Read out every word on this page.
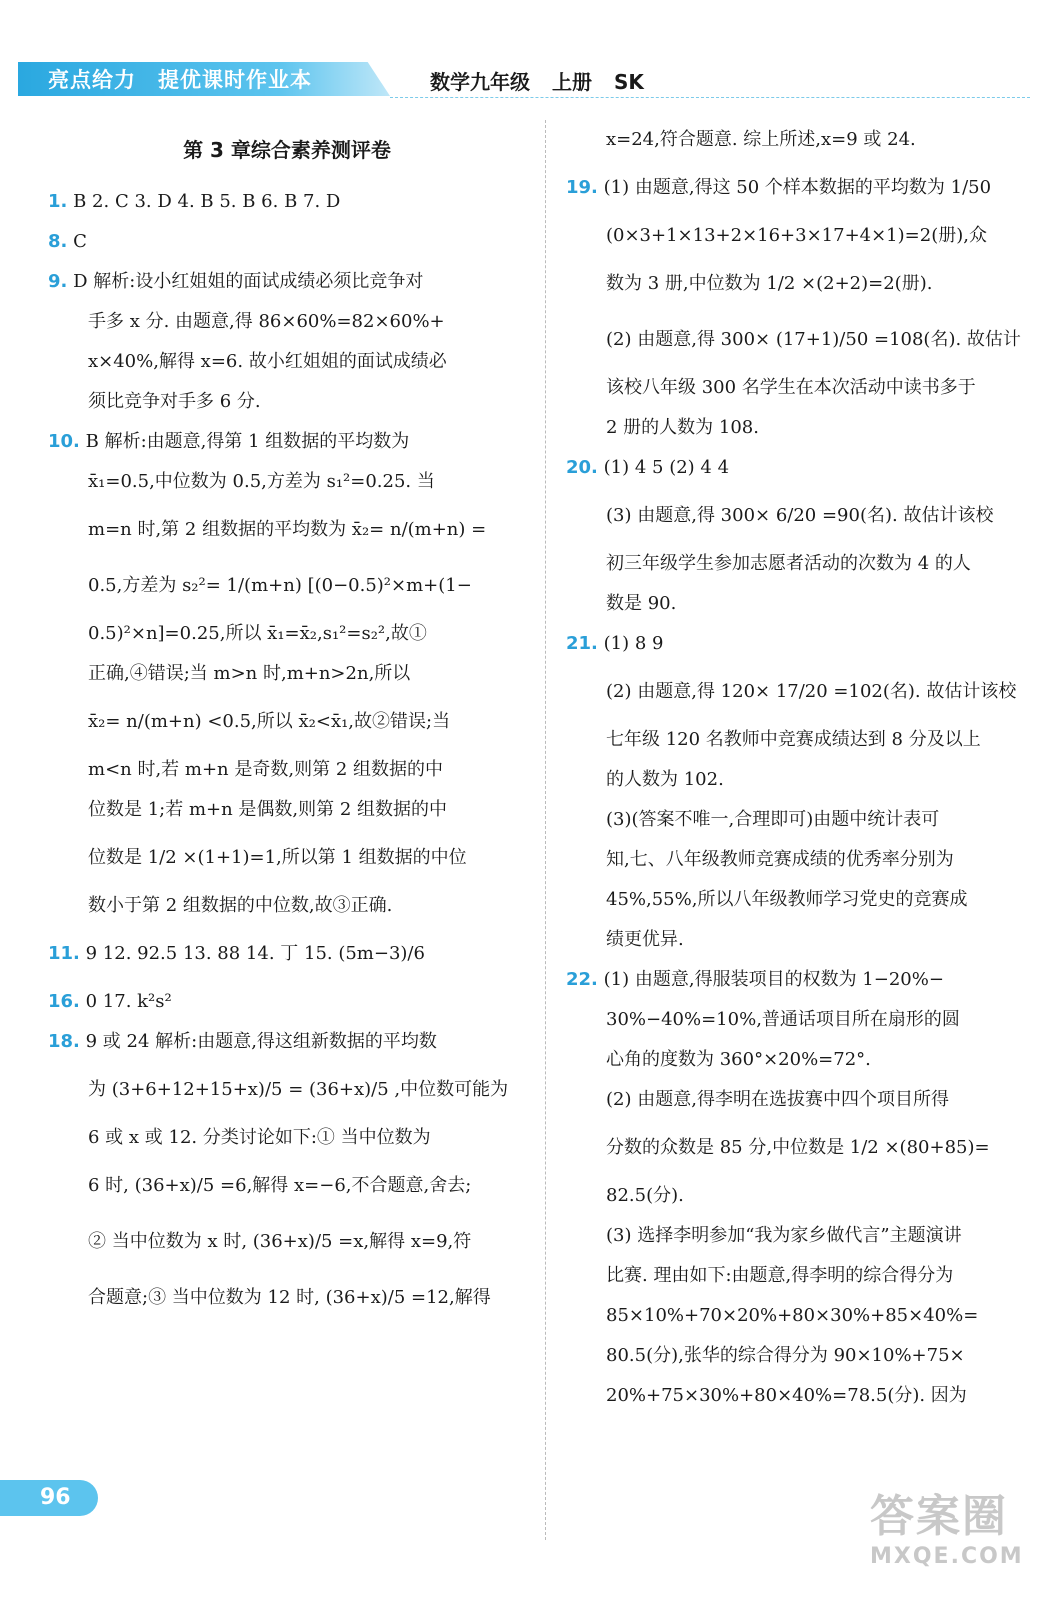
亮点给力 提优课时作业本	数学九年级 上册 SK
第 3 章综合素养测评卷
1. B 2. C 3. D 4. B 5. B 6. B 7. D
8. C
9. D 解析:设小红姐姐的面试成绩必须比竞争对
手多 x 分. 由题意,得 86×60%=82×60%+
x×40%,解得 x=6. 故小红姐姐的面试成绩必
须比竞争对手多 6 分.
10. B 解析:由题意,得第 1 组数据的平均数为
x̄₁=0.5,中位数为 0.5,方差为 s₁²=0.25. 当
m=n 时,第 2 组数据的平均数为 x̄₂= n/(m+n) =
0.5,方差为 s₂²= 1/(m+n) [(0−0.5)²×m+(1−
0.5)²×n]=0.25,所以 x̄₁=x̄₂,s₁²=s₂²,故①
正确,④错误;当 m>n 时,m+n>2n,所以
x̄₂= n/(m+n) <0.5,所以 x̄₂<x̄₁,故②错误;当
m<n 时,若 m+n 是奇数,则第 2 组数据的中
位数是 1;若 m+n 是偶数,则第 2 组数据的中
位数是 1/2 ×(1+1)=1,所以第 1 组数据的中位
数小于第 2 组数据的中位数,故③正确.
11. 9 12. 92.5 13. 88 14. 丁 15. (5m−3)/6
16. 0 17. k²s²
18. 9 或 24 解析:由题意,得这组新数据的平均数
为 (3+6+12+15+x)/5 = (36+x)/5 ,中位数可能为
6 或 x 或 12. 分类讨论如下:① 当中位数为
6 时, (36+x)/5 =6,解得 x=−6,不合题意,舍去;
② 当中位数为 x 时, (36+x)/5 =x,解得 x=9,符
合题意;③ 当中位数为 12 时, (36+x)/5 =12,解得
x=24,符合题意. 综上所述,x=9 或 24.
19. (1) 由题意,得这 50 个样本数据的平均数为 1/50
(0×3+1×13+2×16+3×17+4×1)=2(册),众
数为 3 册,中位数为 1/2 ×(2+2)=2(册).
(2) 由题意,得 300× (17+1)/50 =108(名). 故估计
该校八年级 300 名学生在本次活动中读书多于
2 册的人数为 108.
20. (1) 4 5 (2) 4 4
(3) 由题意,得 300× 6/20 =90(名). 故估计该校
初三年级学生参加志愿者活动的次数为 4 的人
数是 90.
21. (1) 8 9
(2) 由题意,得 120× 17/20 =102(名). 故估计该校
七年级 120 名教师中竞赛成绩达到 8 分及以上
的人数为 102.
(3)(答案不唯一,合理即可)由题中统计表可
知,七、八年级教师竞赛成绩的优秀率分别为
45%,55%,所以八年级教师学习党史的竞赛成
绩更优异.
22. (1) 由题意,得服装项目的权数为 1−20%−
30%−40%=10%,普通话项目所在扇形的圆
心角的度数为 360°×20%=72°.
(2) 由题意,得李明在选拔赛中四个项目所得
分数的众数是 85 分,中位数是 1/2 ×(80+85)=
82.5(分).
(3) 选择李明参加“我为家乡做代言”主题演讲
比赛. 理由如下:由题意,得李明的综合得分为
85×10%+70×20%+80×30%+85×40%=
80.5(分),张华的综合得分为 90×10%+75×
20%+75×30%+80×40%=78.5(分). 因为
96	答案圈
MXQE.COM
